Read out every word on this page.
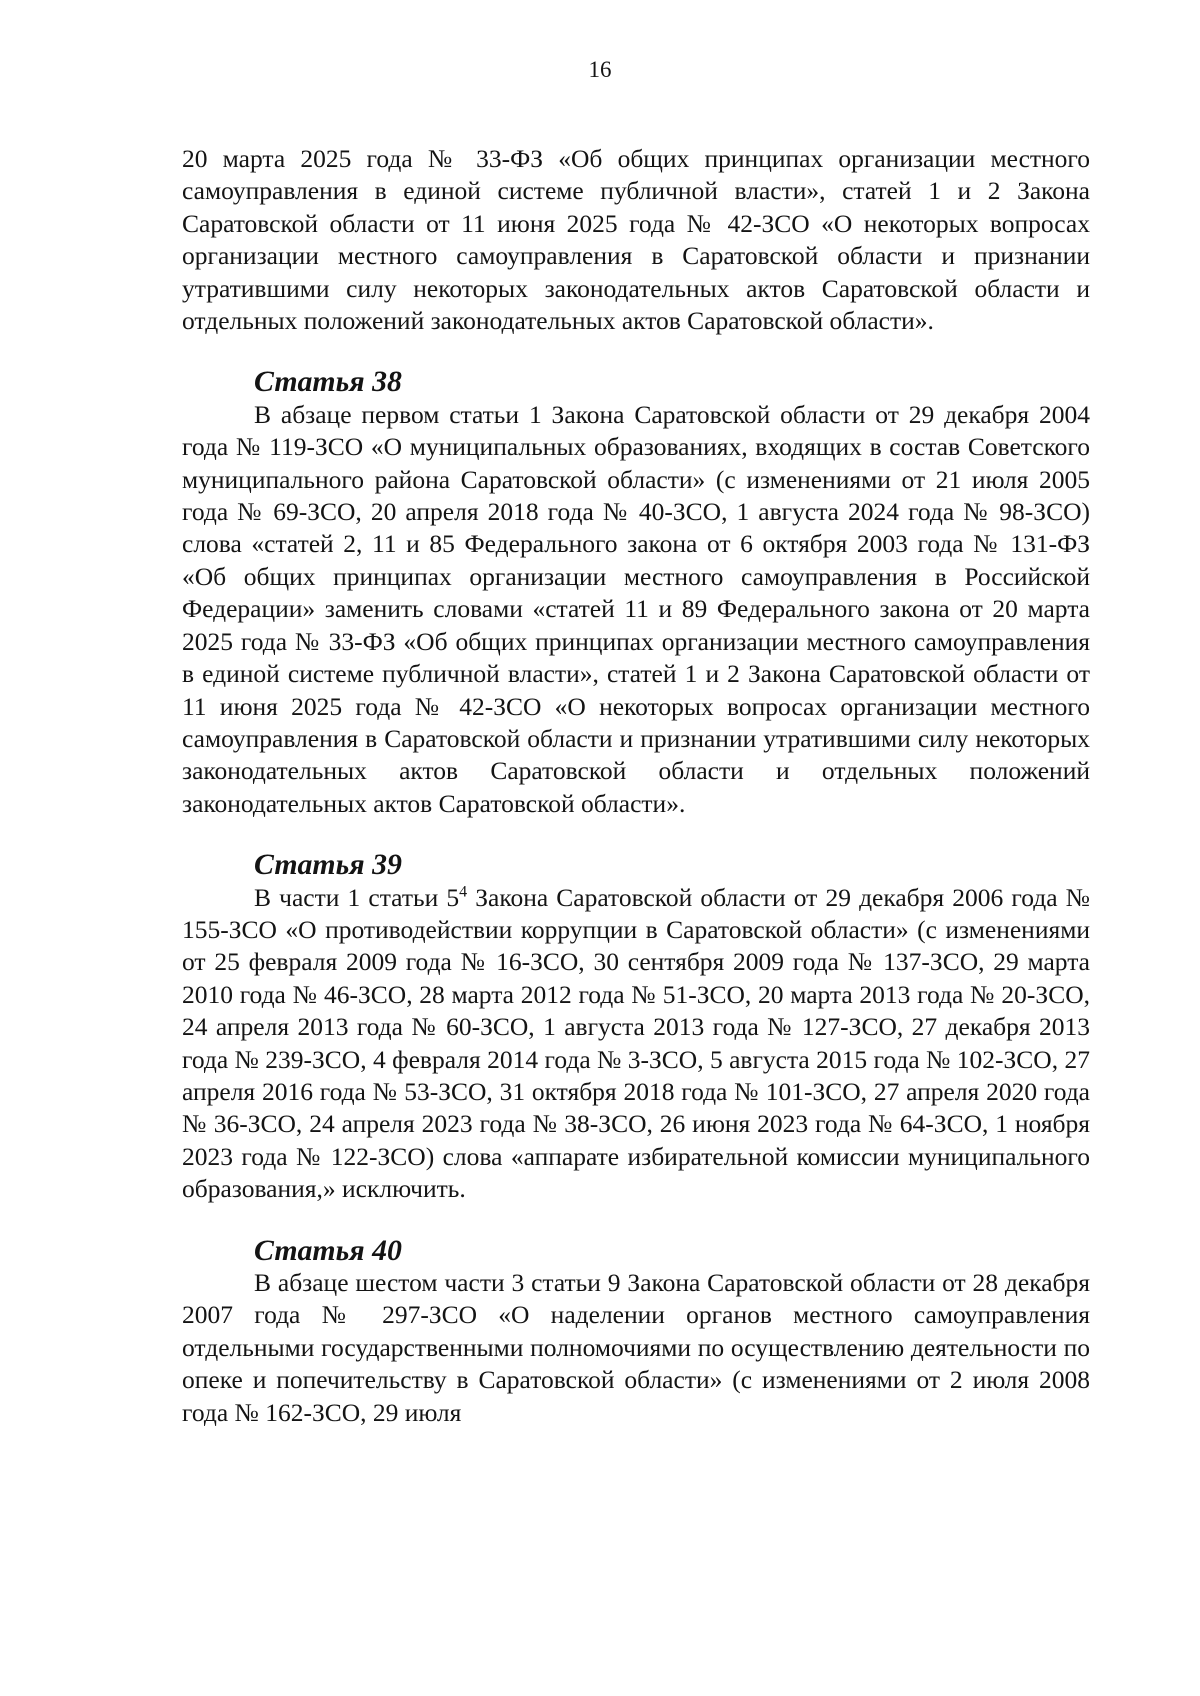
16

20 марта 2025 года № 33-ФЗ «Об общих принципах организации местного самоуправления в единой системе публичной власти», статей 1 и 2 Закона Саратовской области от 11 июня 2025 года № 42-ЗСО «О некоторых вопросах организации местного самоуправления в Саратовской области и признании утратившими силу некоторых законодательных актов Саратовской области и отдельных положений законодательных актов Саратовской области».

Статья 38

В абзаце первом статьи 1 Закона Саратовской области от 29 декабря 2004 года № 119-ЗСО «О муниципальных образованиях, входящих в состав Советского муниципального района Саратовской области» (с изменениями от 21 июля 2005 года № 69-ЗСО, 20 апреля 2018 года № 40-ЗСО, 1 августа 2024 года № 98-ЗСО) слова «статей 2, 11 и 85 Федерального закона от 6 октября 2003 года № 131-ФЗ «Об общих принципах организации местного самоуправления в Российской Федерации» заменить словами «статей 11 и 89 Федерального закона от 20 марта 2025 года № 33-ФЗ «Об общих принципах организации местного самоуправления в единой системе публичной власти», статей 1 и 2 Закона Саратовской области от 11 июня 2025 года № 42-ЗСО «О некоторых вопросах организации местного самоуправления в Саратовской области и признании утратившими силу некоторых законодательных актов Саратовской области и отдельных положений законодательных актов Саратовской области».

Статья 39

В части 1 статьи $5^4$ Закона Саратовской области от 29 декабря 2006 года № 155-ЗСО «О противодействии коррупции в Саратовской области» (с изменениями от 25 февраля 2009 года № 16-ЗСО, 30 сентября 2009 года № 137-ЗСО, 29 марта 2010 года № 46-ЗСО, 28 марта 2012 года № 51-ЗСО, 20 марта 2013 года № 20-ЗСО, 24 апреля 2013 года № 60-ЗСО, 1 августа 2013 года № 127-ЗСО, 27 декабря 2013 года № 239-ЗСО, 4 февраля 2014 года № 3-ЗСО, 5 августа 2015 года № 102-ЗСО, 27 апреля 2016 года № 53-ЗСО, 31 октября 2018 года № 101-ЗСО, 27 апреля 2020 года № 36-ЗСО, 24 апреля 2023 года № 38-ЗСО, 26 июня 2023 года № 64-ЗСО, 1 ноября 2023 года № 122-ЗСО) слова «аппарате избирательной комиссии муниципального образования,» исключить.

Статья 40

В абзаце шестом части 3 статьи 9 Закона Саратовской области от 28 декабря 2007 года № 297-ЗСО «О наделении органов местного самоуправления отдельными государственными полномочиями по осуществлению деятельности по опеке и попечительству в Саратовской области» (с изменениями от 2 июля 2008 года № 162-ЗСО, 29 июля
